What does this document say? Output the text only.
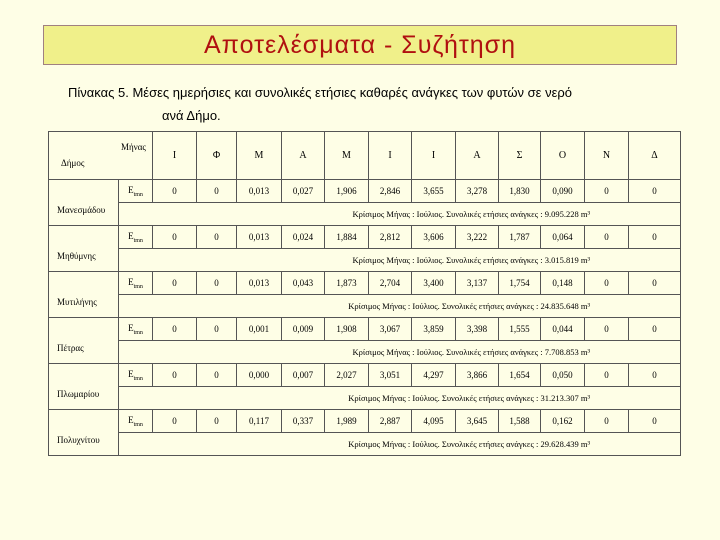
Αποτελέσματα - Συζήτηση
Πίνακας 5. Μέσες ημερήσιες και συνολικές ετήσιες καθαρές ανάγκες των φυτών σε νερό
ανά Δήμο.
Μήνας
Δήμος		Ι	Φ	Μ	Α	Μ	Ι	Ι	Α	Σ	Ο	Ν	Δ

Μανεσμάδου	$E_{tmn}$	0	0	0,013	0,027	1,906	2,846	3,655	3,278	1,830	0,090	0	0
	Κρίσιμος Μήνας : Ιούλιος. Συνολικές ετήσιες ανάγκες : 9.095.228 m³												

Μηθύμνης	$E_{tmn}$	0	0	0,013	0,024	1,884	2,812	3,606	3,222	1,787	0,064	0	0
	Κρίσιμος Μήνας : Ιούλιος. Συνολικές ετήσιες ανάγκες : 3.015.819 m³												

Μυτιλήνης	$E_{tmn}$	0	0	0,013	0,043	1,873	2,704	3,400	3,137	1,754	0,148	0	0
	Κρίσιμος Μήνας : Ιούλιος. Συνολικές ετήσιες ανάγκες : 24.835.648 m³												

Πέτρας	$E_{tmn}$	0	0	0,001	0,009	1,908	3,067	3,859	3,398	1,555	0,044	0	0
	Κρίσιμος Μήνας : Ιούλιος. Συνολικές ετήσιες ανάγκες : 7.708.853 m³												

Πλωμαρίου	$E_{tmn}$	0	0	0,000	0,007	2,027	3,051	4,297	3,866	1,654	0,050	0	0
	Κρίσιμος Μήνας : Ιούλιος. Συνολικές ετήσιες ανάγκες : 31.213.307 m³												

Πολυχνίτου	$E_{tmn}$	0	0	0,117	0,337	1,989	2,887	4,095	3,645	1,588	0,162	0	0
	Κρίσιμος Μήνας : Ιούλιος. Συνολικές ετήσιες ανάγκες : 29.628.439 m³												
